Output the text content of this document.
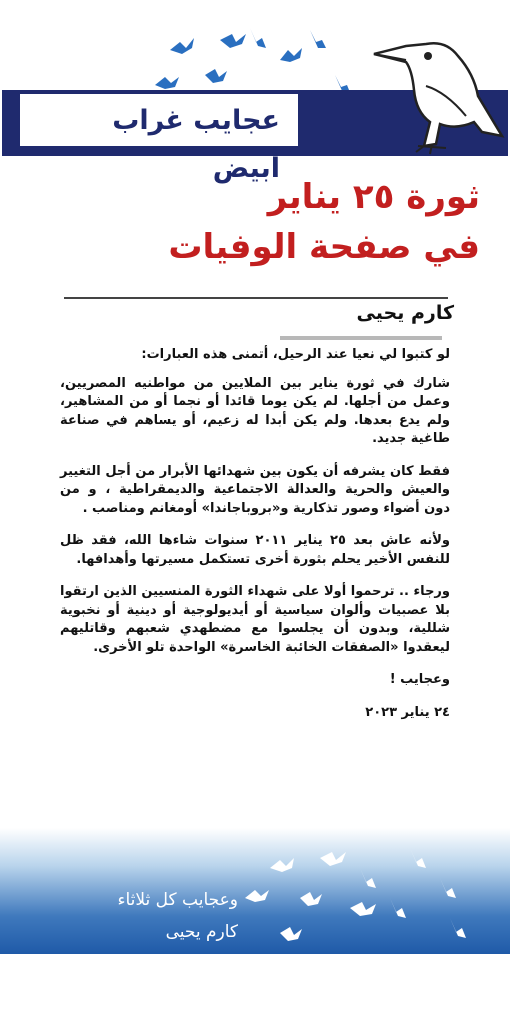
عجايب غراب أبيض
ثورة ٢٥ يناير
في صفحة الوفيات
كارم يحيى

لو كتبوا لي نعيا عند الرحيل، أتمنى هذه العبارات:

شارك في ثورة يناير بين الملايين من مواطنيه المصريين، وعمل من أجلها. لم يكن يوما قائدا أو نجما أو من المشاهير، ولم يدع بعدها. ولم يكن أبدا له زعيم، أو يساهم في صناعة طاغية جديد.

فقط كان يشرفه أن يكون بين شهدائها الأبرار من أجل التغيير والعيش والحرية والعدالة الاجتماعية والديمقراطية ، و من دون أضواء وصور تذكارية و«بروباجاندا» أومغانم ومناصب .

ولأنه عاش بعد ٢٥ يناير ٢٠١١ سنوات شاءها الله، فقد ظل للنفس الأخير يحلم بثورة أخرى تستكمل مسيرتها وأهدافها.

ورجاء .. ترحموا أولا على شهداء الثورة المنسيين الذين ارتقوا بلا عصبيات وألوان سياسية أو أيديولوجية أو دينية أو نخبوية شللية، وبدون أن يجلسوا مع مضطهدي شعبهم وقاتليهم ليعقدوا «الصفقات الخائبة الخاسرة» الواحدة تلو الأخرى.

وعجايب !

٢٤ يناير ٢٠٢٣

وعجايب كل ثلاثاء
كارم يحيى
